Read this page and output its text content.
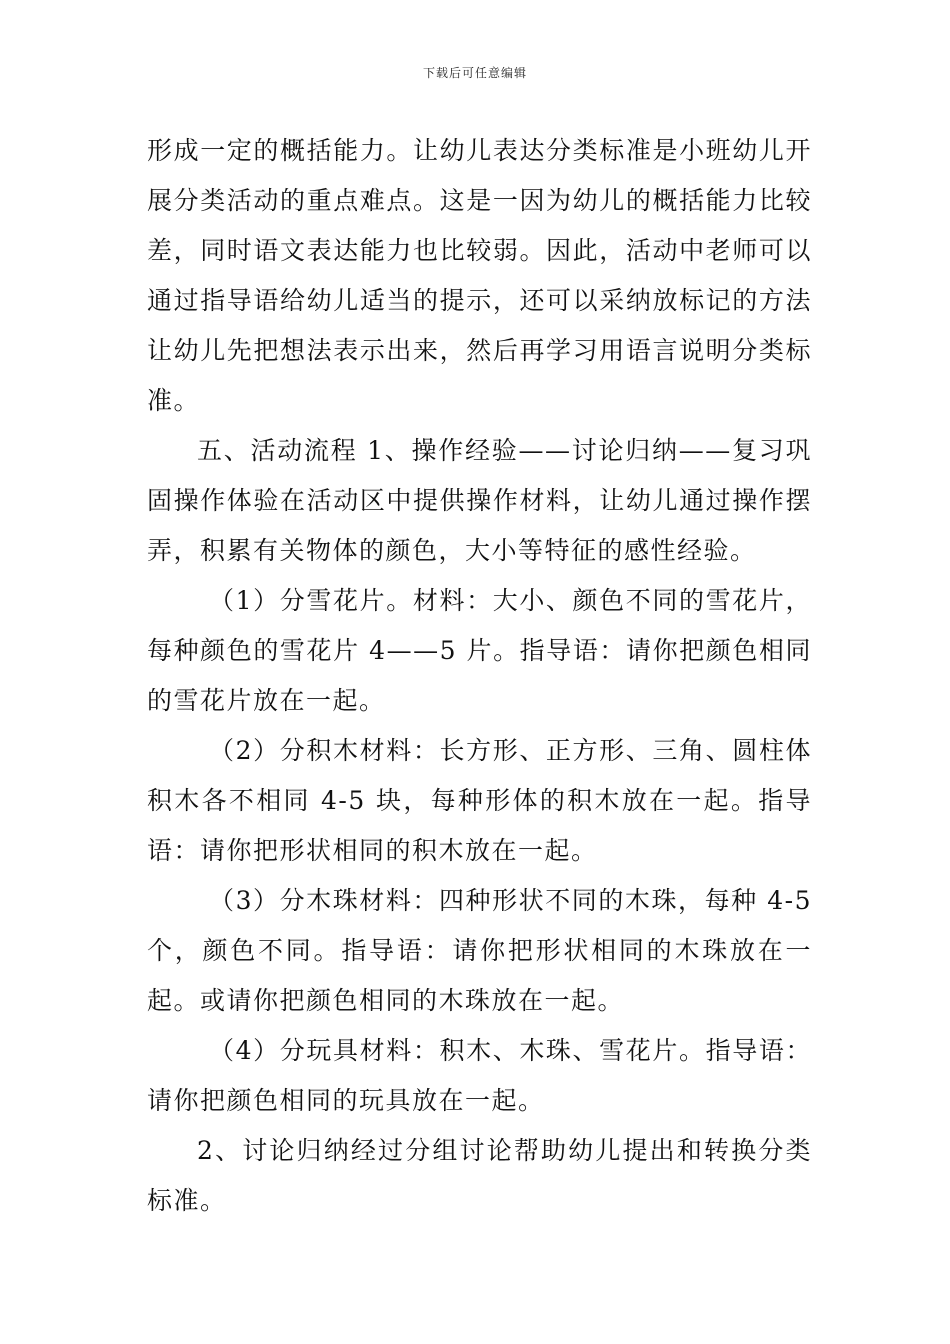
下载后可任意编辑

形成一定的概括能力。让幼儿表达分类标准是小班幼儿开展分类活动的重点难点。这是一因为幼儿的概括能力比较差，同时语文表达能力也比较弱。因此，活动中老师可以通过指导语给幼儿适当的提示，还可以采纳放标记的方法让幼儿先把想法表示出来，然后再学习用语言说明分类标准。

五、活动流程 1、操作经验——讨论归纳——复习巩固操作体验在活动区中提供操作材料，让幼儿通过操作摆弄，积累有关物体的颜色，大小等特征的感性经验。

（1）分雪花片。材料：大小、颜色不同的雪花片，每种颜色的雪花片 4——5 片。指导语：请你把颜色相同的雪花片放在一起。

（2）分积木材料：长方形、正方形、三角、圆柱体积木各不相同 4-5 块，每种形体的积木放在一起。指导语：请你把形状相同的积木放在一起。

（3）分木珠材料：四种形状不同的木珠，每种 4-5 个，颜色不同。指导语：请你把形状相同的木珠放在一起。或请你把颜色相同的木珠放在一起。

（4）分玩具材料：积木、木珠、雪花片。指导语：请你把颜色相同的玩具放在一起。

2、讨论归纳经过分组讨论帮助幼儿提出和转换分类标准。
